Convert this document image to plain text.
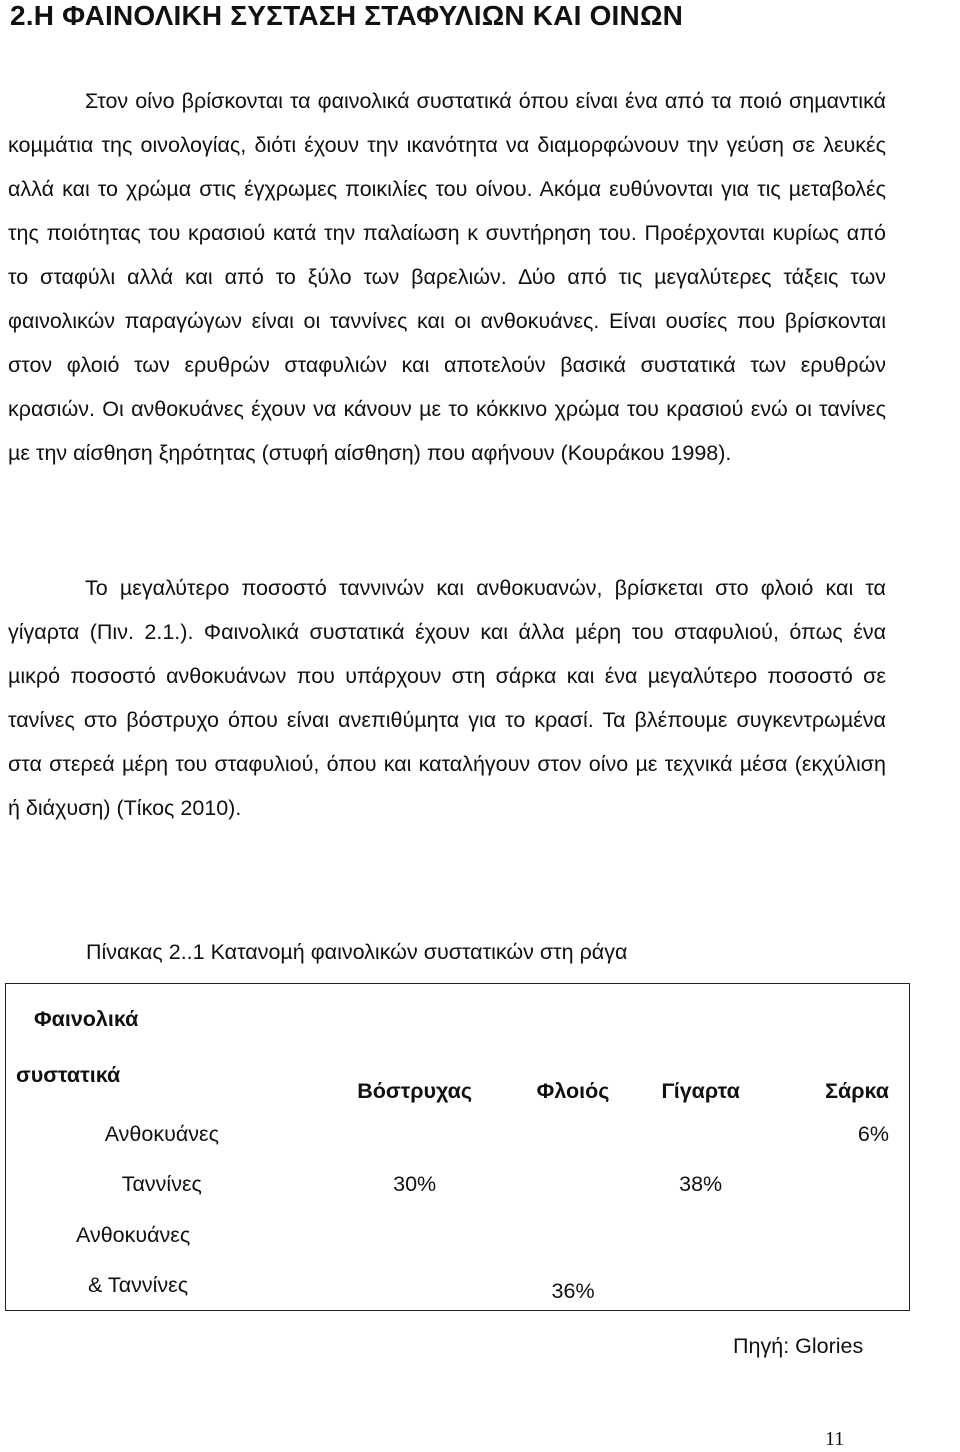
2.Η ΦΑΙΝΟΛΙΚΗ ΣΥΣΤΑΣΗ ΣΤΑΦΥΛΙΩΝ ΚΑΙ ΟΙΝΩΝ

Στον οίνο βρίσκονται τα φαινολικά συστατικά όπου είναι ένα από τα ποιό σηµαντικά κοµµάτια της οινολογίας, διότι έχουν την ικανότητα να διαµορφώνουν την γεύση σε λευκές αλλά και το χρώµα στις έγχρωµες ποικιλίες του οίνου. Ακόµα ευθύνονται για τις µεταβολές της ποιότητας του κρασιού κατά την παλαίωση κ συντήρηση του. Προέρχονται κυρίως από το σταφύλι αλλά και από το ξύλο των βαρελιών. ∆ύο από τις µεγαλύτερες τάξεις των φαινολικών παραγώγων είναι οι ταννίνες και οι ανθοκυάνες. Είναι ουσίες που βρίσκονται στον φλοιό των ερυθρών σταφυλιών και αποτελούν βασικά συστατικά των ερυθρών κρασιών. Οι ανθοκυάνες έχουν να κάνουν µε το κόκκινο χρώµα του κρασιού ενώ οι τανίνες µε την αίσθηση ξηρότητας (στυφή αίσθηση) που αφήνουν (Κουράκου 1998).

Το µεγαλύτερο ποσοστό ταννινών και ανθοκυανών, βρίσκεται στο φλοιό και τα γίγαρτα (Πιν. 2.1.). Φαινολικά συστατικά έχουν και άλλα µέρη του σταφυλιού, όπως ένα µικρό ποσοστό ανθοκυάνων που υπάρχουν στη σάρκα και ένα µεγαλύτερο ποσοστό σε τανίνες στο βόστρυχο όπου είναι ανεπιθύµητα για το κρασί. Τα βλέπουµε συγκεντρωµένα στα στερεά µέρη του σταφυλιού, όπου και καταλήγουν στον οίνο µε τεχνικά µέσα (εκχύλιση ή διάχυση) (Τίκος 2010).

Πίνακας 2..1 Κατανοµή φαινολικών συστατικών στη ράγα

Φαινολικά
συστατικά	Βόστρυχας	Φλοιός	Γίγαρτα	Σάρκα
Ανθοκυάνες				6%
Ταννίνες	30%		38%	

Ανθοκυάνες
& Ταννίνες		36%		

Πηγή: Glories

11
